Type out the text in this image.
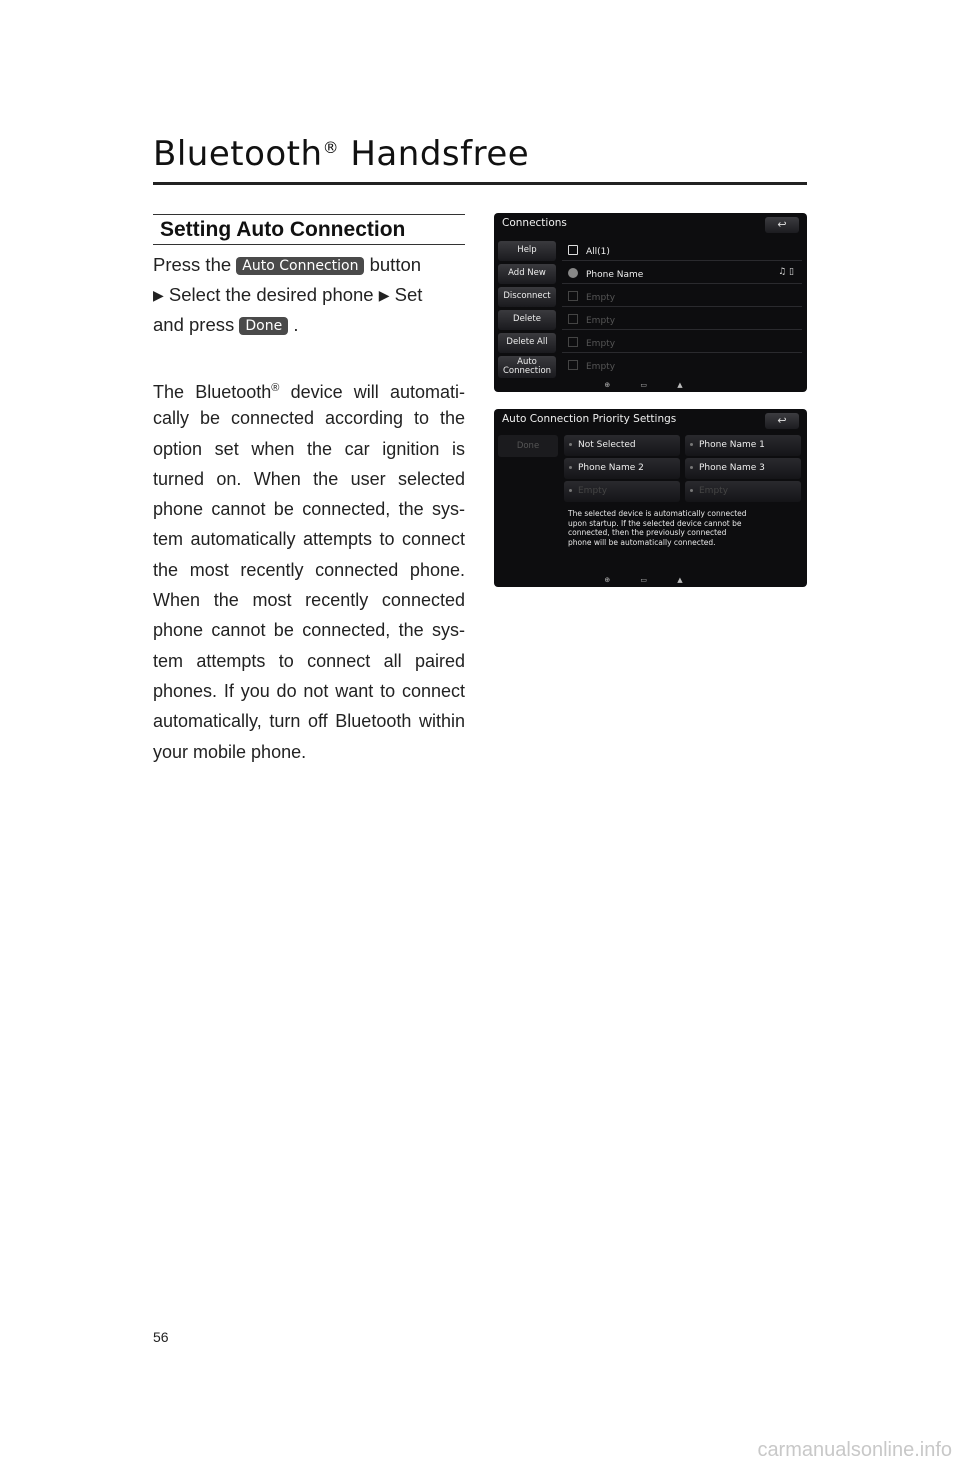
Bluetooth® Handsfree
Setting Auto Connection
Press the Auto Connection button
▶ Select the desired phone ▶ Set
and press Done .
The Bluetooth® device will automati-
cally be connected according to the
option set when the car ignition is
turned on. When the user selected
phone cannot be connected, the sys-
tem automatically attempts to connect
the most recently connected phone.
When the most recently connected
phone cannot be connected, the sys-
tem attempts to connect all paired
phones. If you do not want to connect
automatically, turn off Bluetooth within
your mobile phone.
Connections	↩
Help
Add New
Disconnect
Delete
Delete All
Auto
Connection
All(1)
Phone Name	♫ ▯
Empty
Empty
Empty
Empty
⊕ ▭ ▲
Auto Connection Priority Settings	↩
Done	Not Selected	Phone Name 1
Phone Name 2	Phone Name 3
Empty	Empty
The selected device is automatically connected
upon startup. If the selected device cannot be
connected, then the previously connected
phone will be automatically connected.
⊕ ▭ ▲
56
carmanualsonline.info
